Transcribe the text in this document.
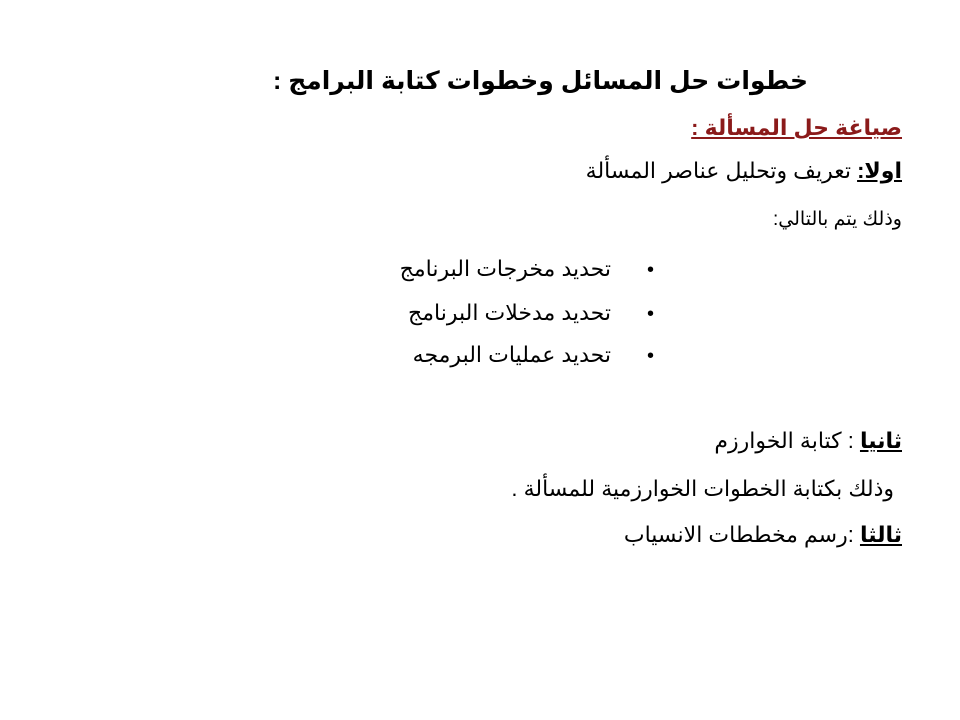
خطوات حل المسائل وخطوات كتابة البرامج :
صياغة حل المسألة :
اولا: تعريف وتحليل عناصر المسألة
وذلك يتم بالتالي:
•تحديد مخرجات البرنامج
•تحديد مدخلات البرنامج
•تحديد عمليات البرمجه
ثانيا : كتابة الخوارزم
وذلك بكتابة الخطوات الخوارزمية للمسألة .
ثالثا :رسم مخططات الانسياب
